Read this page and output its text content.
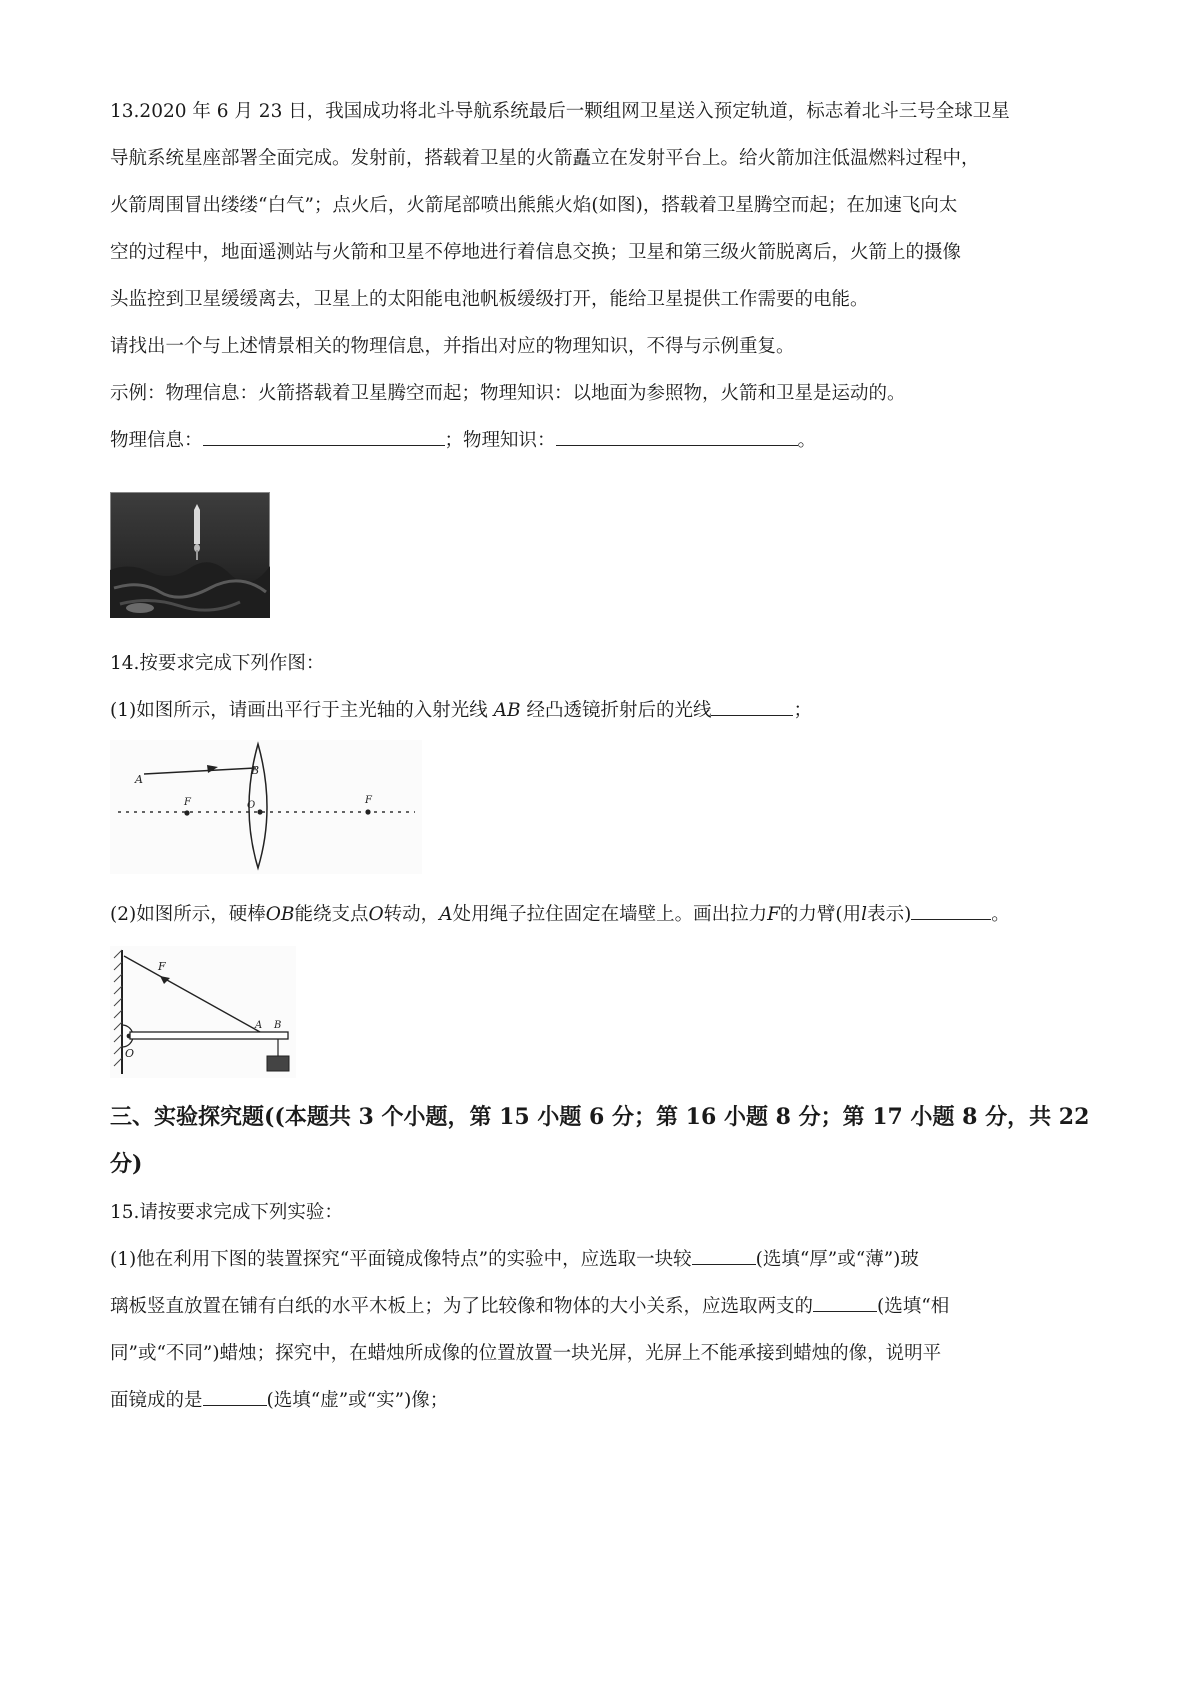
13.2020 年 6 月 23 日，我国成功将北斗导航系统最后一颗组网卫星送入预定轨道，标志着北斗三号全球卫星
导航系统星座部署全面完成。发射前，搭载着卫星的火箭矗立在发射平台上。给火箭加注低温燃料过程中，
火箭周围冒出缕缕“白气”；点火后，火箭尾部喷出熊熊火焰(如图)，搭载着卫星腾空而起；在加速飞向太
空的过程中，地面遥测站与火箭和卫星不停地进行着信息交换；卫星和第三级火箭脱离后，火箭上的摄像
头监控到卫星缓缓离去，卫星上的太阳能电池帆板缓级打开，能给卫星提供工作需要的电能。
请找出一个与上述情景相关的物理信息，并指出对应的物理知识，不得与示例重复。
示例：物理信息：火箭搭载着卫星腾空而起；物理知识：以地面为参照物，火箭和卫星是运动的。
物理信息：	；物理知识：	。
14.按要求完成下列作图：
(1)如图所示，请画出平行于主光轴的入射光线 AB 经凸透镜折射后的光线	；
A
B
F	O	F
(2)如图所示，硬棒OB能绕支点O转动，A处用绳子拉住固定在墙壁上。画出拉力F的力臂(用l表示)	。
F
A B
O
三、实验探究题((本题共 3 个小题，第 15 小题 6 分；第 16 小题 8 分；第 17 小题 8 分，共 22
分)
15.请按要求完成下列实验：
(1)他在利用下图的装置探究“平面镜成像特点”的实验中，应选取一块较	(选填“厚”或“薄”)玻
璃板竖直放置在铺有白纸的水平木板上；为了比较像和物体的大小关系，应选取两支的	(选填“相
同”或“不同”)蜡烛；探究中，在蜡烛所成像的位置放置一块光屏，光屏上不能承接到蜡烛的像，说明平
面镜成的是	(选填“虚”或“实”)像；
